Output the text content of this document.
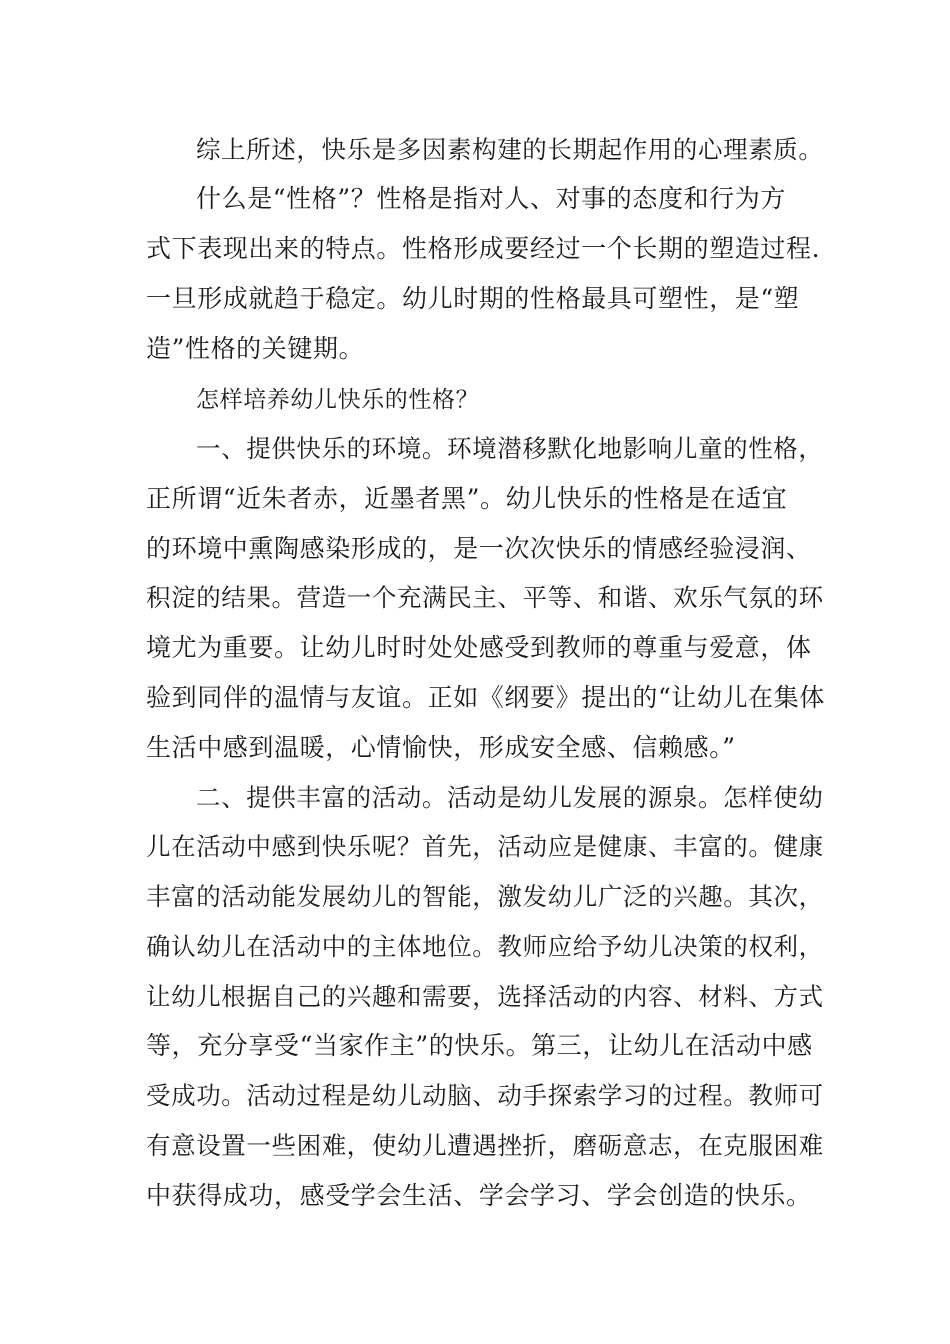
综上所述，快乐是多因素构建的长期起作用的心理素质。
什么是“性格”？性格是指对人、对事的态度和行为方
式下表现出来的特点。性格形成要经过一个长期的塑造过程.
一旦形成就趋于稳定。幼儿时期的性格最具可塑性，是“塑
造”性格的关键期。
怎样培养幼儿快乐的性格？
一、提供快乐的环境。环境潜移默化地影响儿童的性格，
正所谓“近朱者赤，近墨者黑”。幼儿快乐的性格是在适宜
的环境中熏陶感染形成的，是一次次快乐的情感经验浸润、
积淀的结果。营造一个充满民主、平等、和谐、欢乐气氛的环
境尤为重要。让幼儿时时处处感受到教师的尊重与爱意，体
验到同伴的温情与友谊。正如《纲要》提出的“让幼儿在集体
生活中感到温暖，心情愉快，形成安全感、信赖感。”
二、提供丰富的活动。活动是幼儿发展的源泉。怎样使幼
儿在活动中感到快乐呢？首先，活动应是健康、丰富的。健康
丰富的活动能发展幼儿的智能，激发幼儿广泛的兴趣。其次，
确认幼儿在活动中的主体地位。教师应给予幼儿决策的权利，
让幼儿根据自己的兴趣和需要，选择活动的内容、材料、方式
等，充分享受“当家作主”的快乐。第三，让幼儿在活动中感
受成功。活动过程是幼儿动脑、动手探索学习的过程。教师可
有意设置一些困难，使幼儿遭遇挫折，磨砺意志，在克服困难
中获得成功，感受学会生活、学会学习、学会创造的快乐。
